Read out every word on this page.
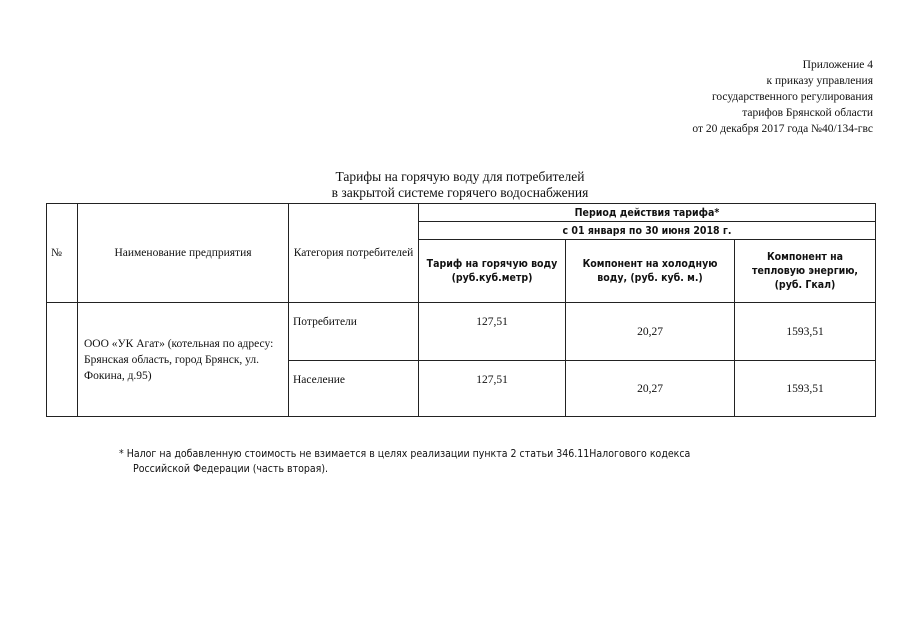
Приложение 4
к приказу управления
государственного регулирования
тарифов Брянской области
от 20 декабря 2017 года №40/134-гвс
Тарифы на горячую воду для потребителей
в закрытой системе горячего водоснабжения
№	Наименование предприятия	Категория потребителей	Период действия тарифа*		
			с 01 января по 30 июня 2018 г.		
			Тариф на горячую воду (руб.куб.метр)	Компонент на холодную воду, (руб. куб. м.)	Компонент на тепловую энергию, (руб. Гкал)
	ООО «УК Агат» (котельная по адресу: Брянская область, город Брянск, ул. Фокина, д.95)	Потребители	127,51	20,27	1593,51
		Население	127,51	20,27	1593,51
* Налог на добавленную стоимость не взимается в целях реализации пункта 2 статьи 346.11Налогового кодекса
Российской Федерации (часть вторая).
